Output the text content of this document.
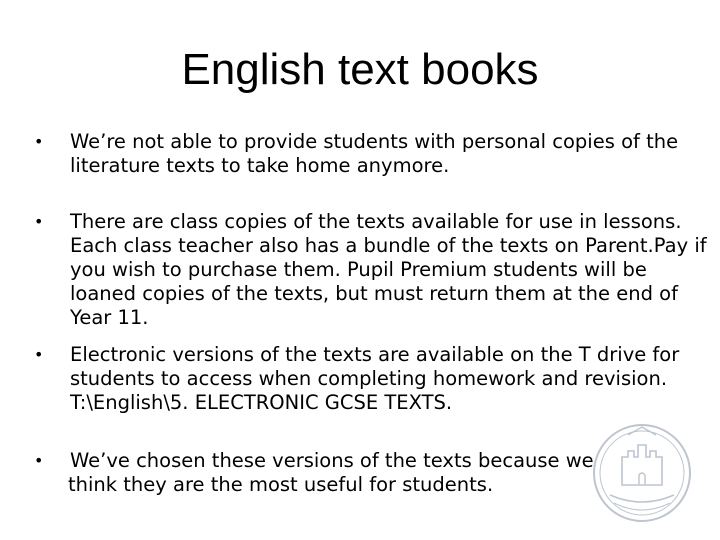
English text books
• We’re not able to provide students with personal copies of the literature texts to take home anymore.
• There are class copies of the texts available for use in lessons. Each class teacher also has a bundle of the texts on Parent.Pay if you wish to purchase them. Pupil Premium students will be loaned copies of the texts, but must return them at the end of Year 11.
• Electronic versions of the texts are available on the T drive for students to access when completing homework and revision. T:\English\5. ELECTRONIC GCSE TEXTS.
• We’ve chosen these versions of the texts because we
think they are the most useful for students.
